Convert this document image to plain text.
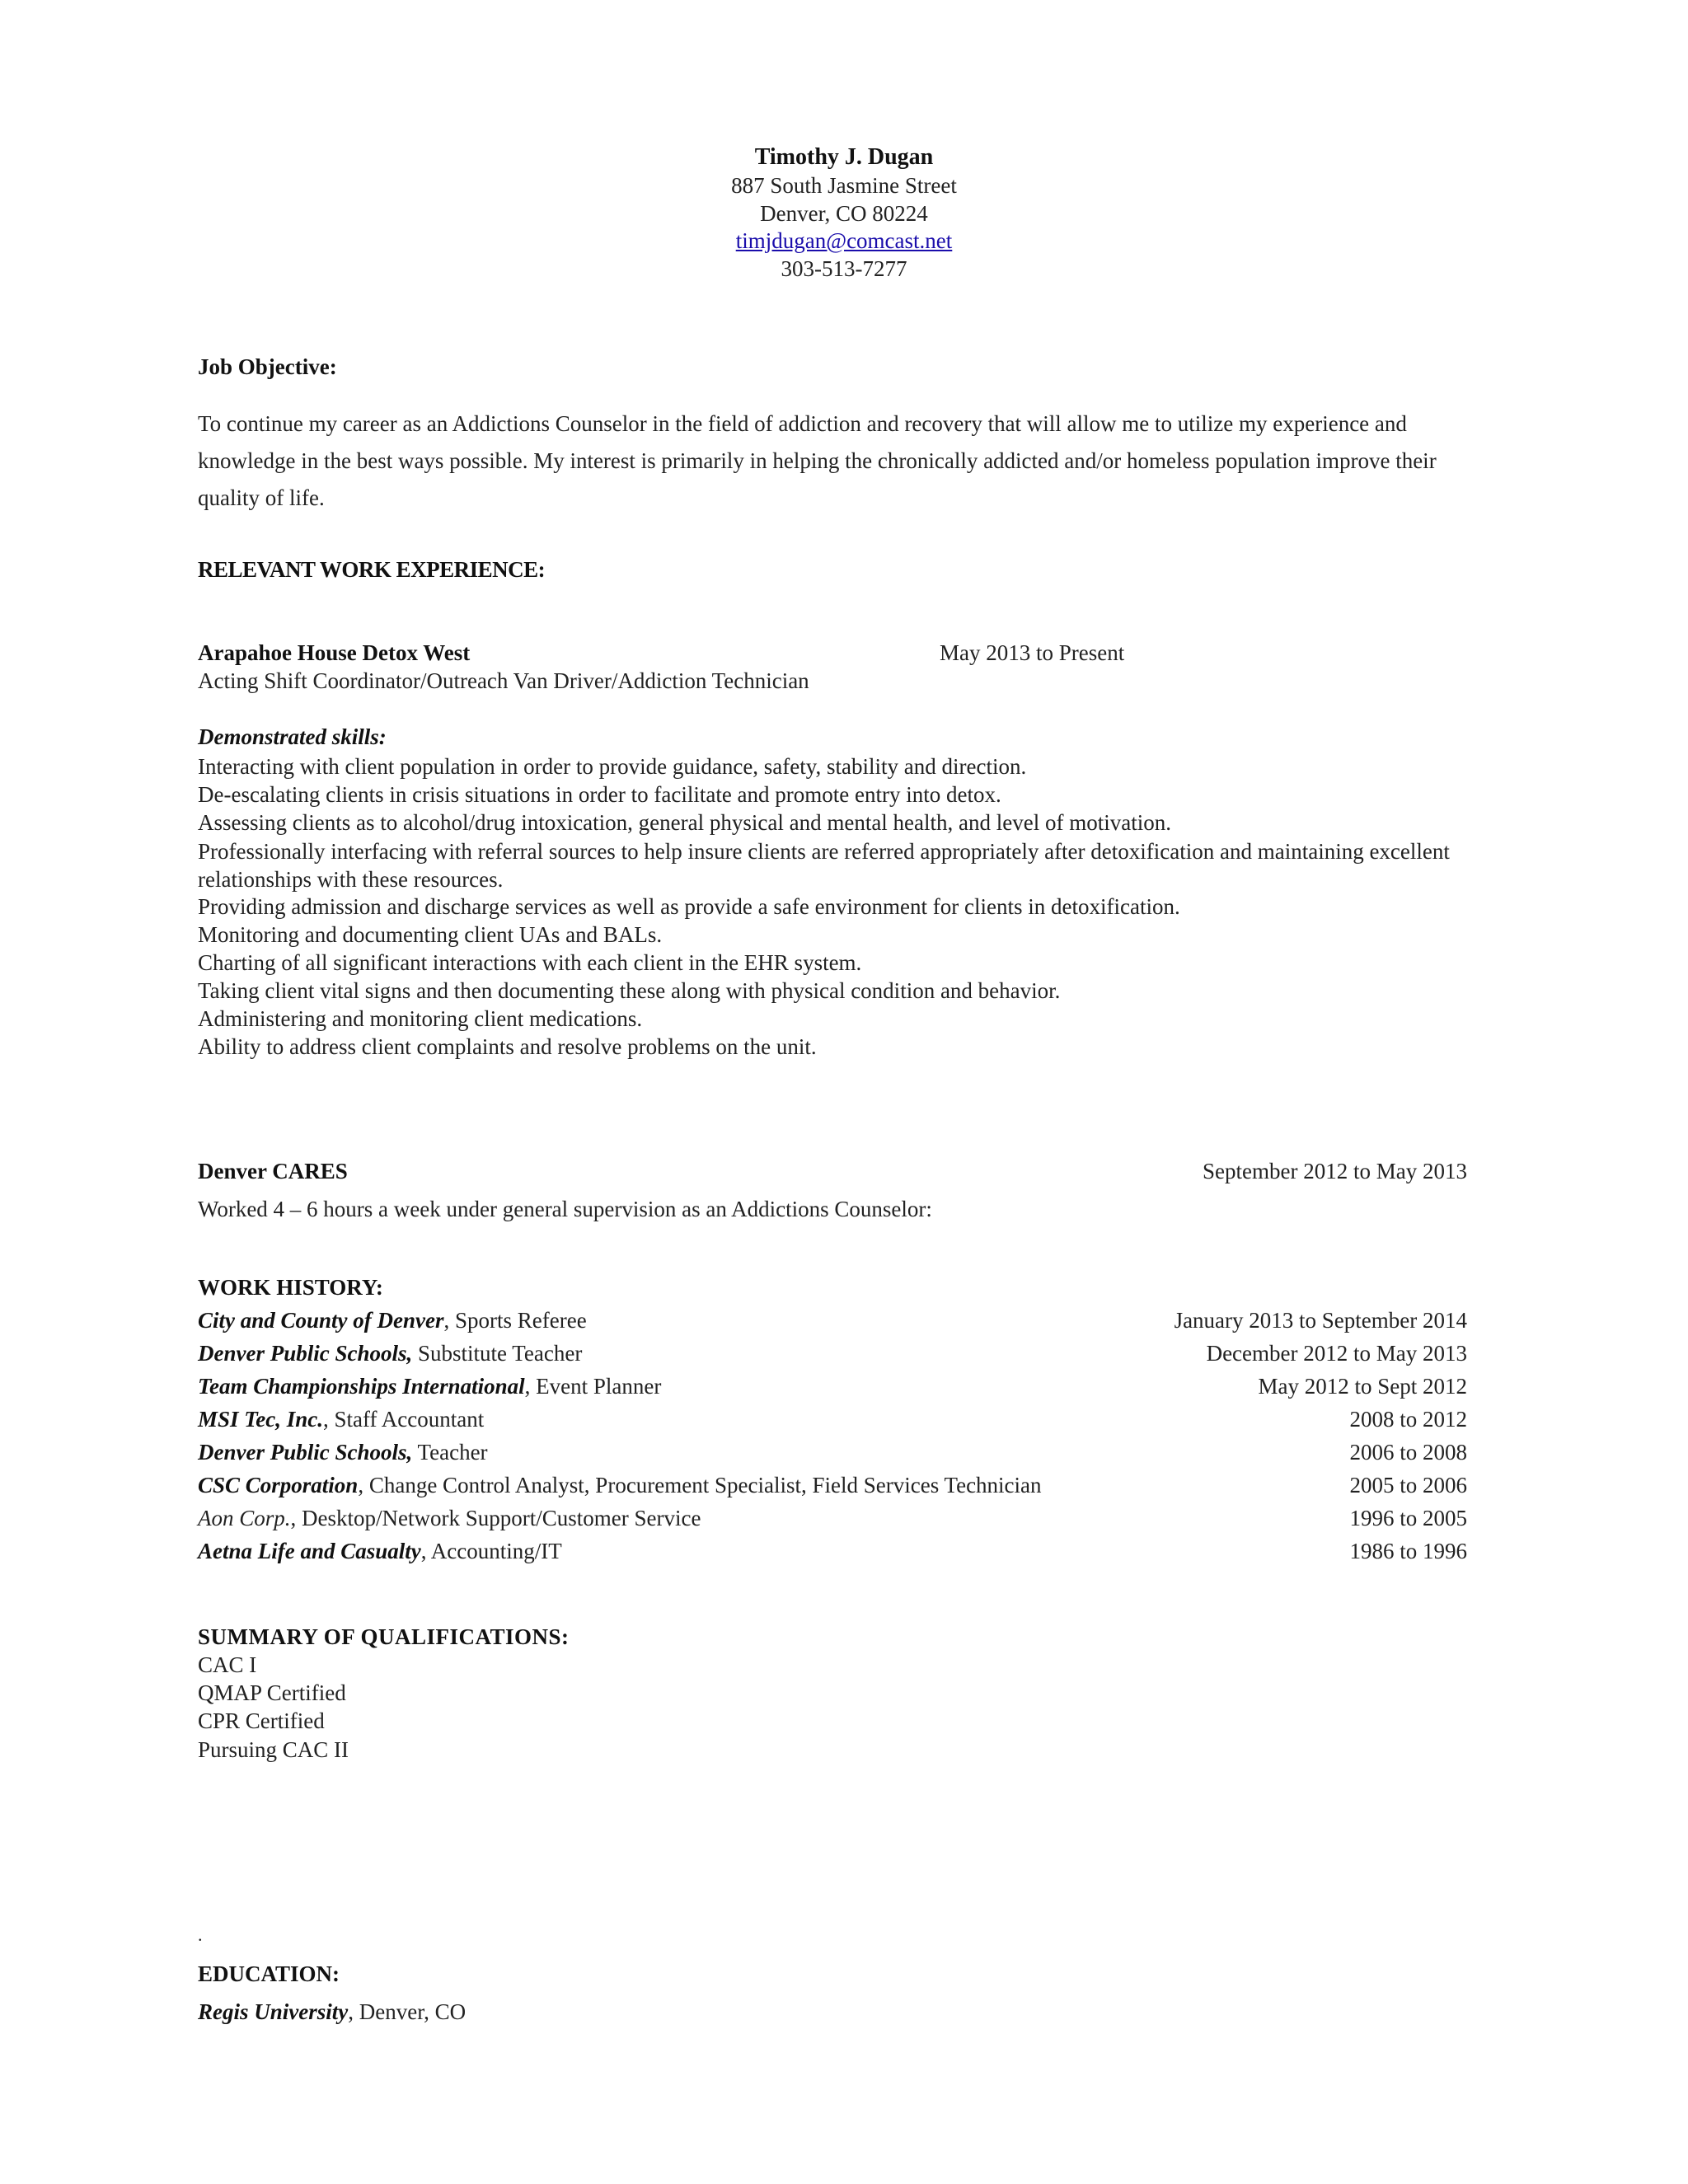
Timothy J. Dugan
887 South Jasmine Street
Denver, CO 80224
timjdugan@comcast.net
303-513-7277
Job Objective:
To continue my career as an Addictions Counselor in the field of addiction and recovery that will allow me to utilize my experience and knowledge in the best ways possible. My interest is primarily in helping the chronically addicted and/or homeless population improve their quality of life.
RELEVANT WORK EXPERIENCE:
Arapahoe House Detox West	May 2013 to Present
Acting Shift Coordinator/Outreach Van Driver/Addiction Technician
Demonstrated skills:
Interacting with client population in order to provide guidance, safety, stability and direction.
De-escalating clients in crisis situations in order to facilitate and promote entry into detox.
Assessing clients as to alcohol/drug intoxication, general physical and mental health, and level of motivation.
Professionally interfacing with referral sources to help insure clients are referred appropriately after detoxification and maintaining excellent relationships with these resources.
Providing admission and discharge services as well as provide a safe environment for clients in detoxification.
Monitoring and documenting client UAs and BALs.
Charting of all significant interactions with each client in the EHR system.
Taking client vital signs and then documenting these along with physical condition and behavior.
Administering and monitoring client medications.
Ability to address client complaints and resolve problems on the unit.
Denver CARES	September 2012 to May 2013
Worked 4 – 6 hours a week under general supervision as an Addictions Counselor:
WORK HISTORY:
City and County of Denver, Sports Referee	January 2013 to September 2014
Denver Public Schools, Substitute Teacher	December 2012 to May 2013
Team Championships International, Event Planner	May 2012 to Sept 2012
MSI Tec, Inc., Staff Accountant	2008 to 2012
Denver Public Schools, Teacher	2006 to 2008
CSC Corporation, Change Control Analyst, Procurement Specialist, Field Services Technician	2005 to 2006
Aon Corp., Desktop/Network Support/Customer Service	1996 to 2005
Aetna Life and Casualty, Accounting/IT	1986 to 1996
SUMMARY OF QUALIFICATIONS:
CAC I
QMAP Certified
CPR Certified
Pursuing CAC II
.
EDUCATION:
Regis University, Denver, CO
